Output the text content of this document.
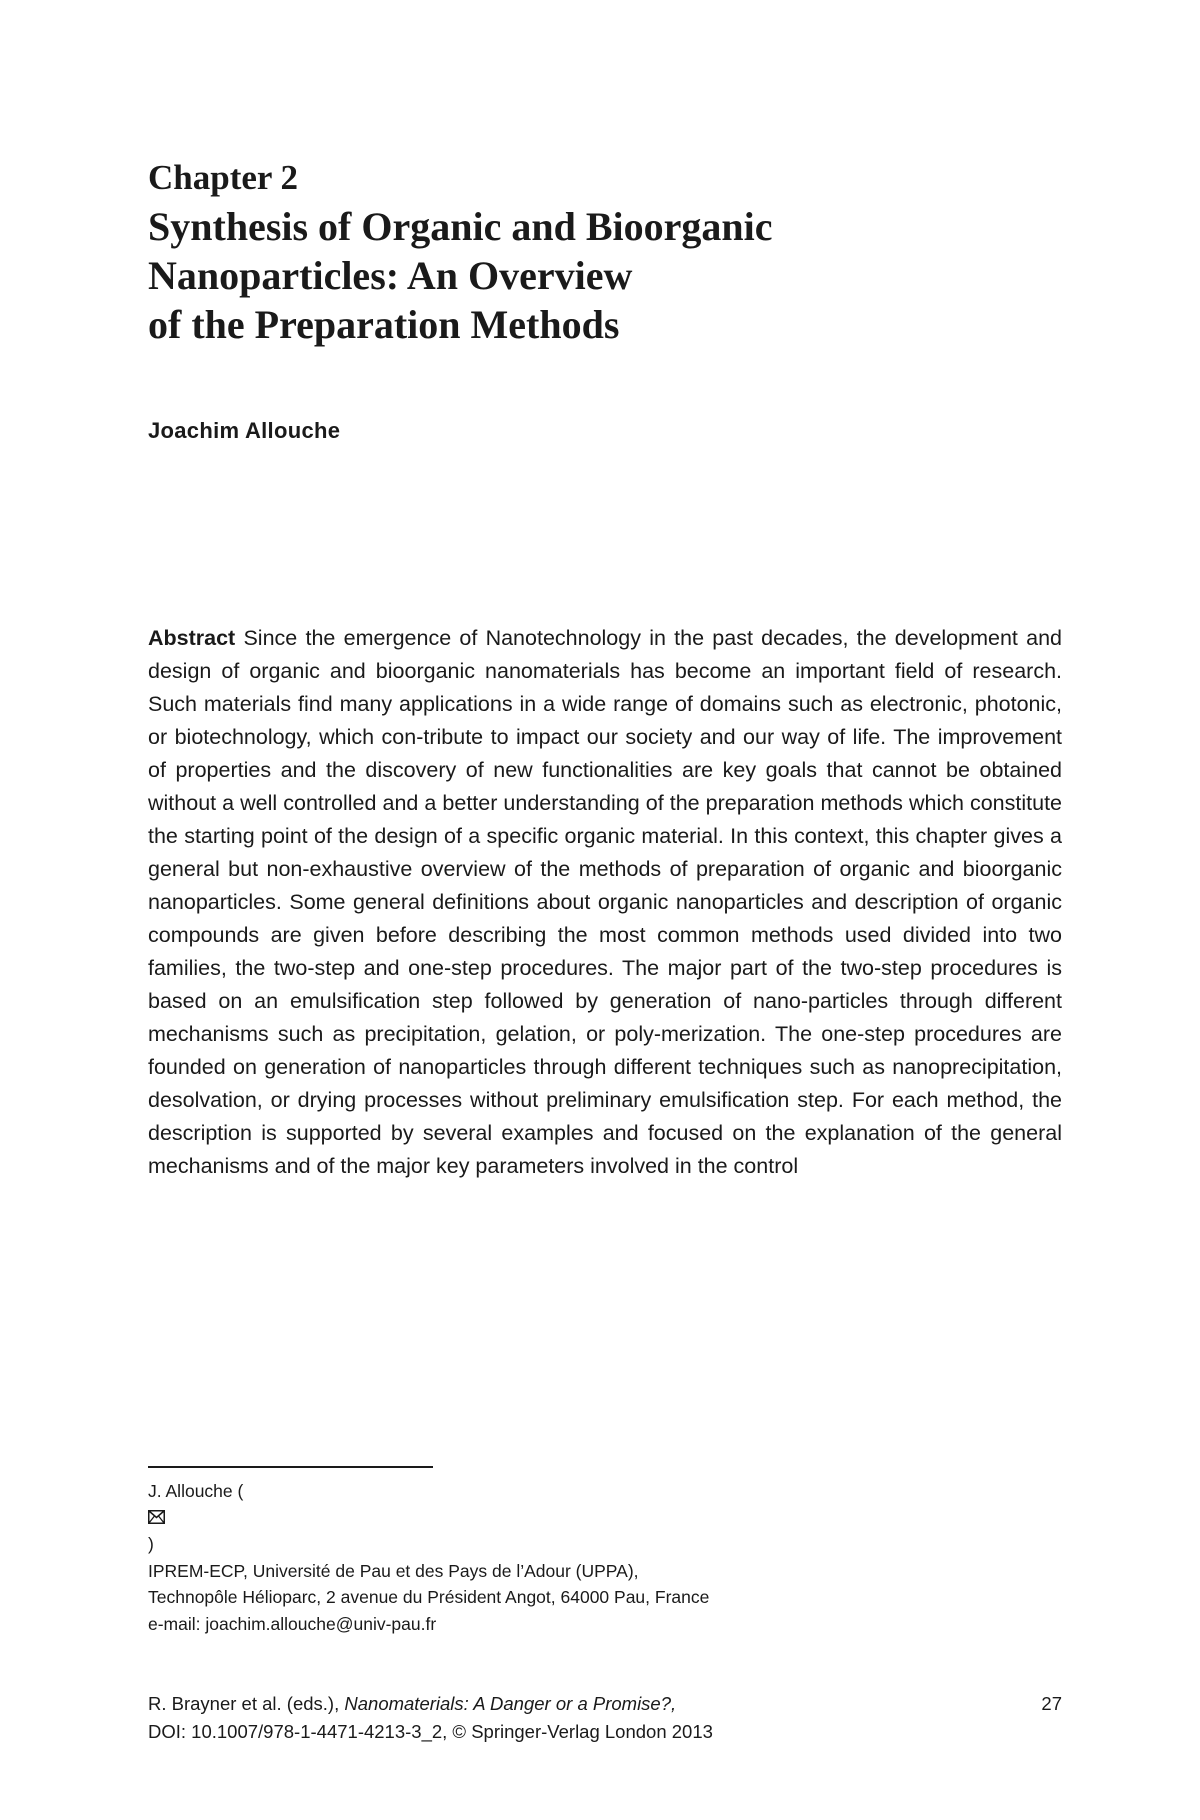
Chapter 2
Synthesis of Organic and Bioorganic
Nanoparticles: An Overview
of the Preparation Methods
Joachim Allouche

Abstract Since the emergence of Nanotechnology in the past decades, the development and design of organic and bioorganic nanomaterials has become an important field of research. Such materials find many applications in a wide range of domains such as electronic, photonic, or biotechnology, which con-tribute to impact our society and our way of life. The improvement of properties and the discovery of new functionalities are key goals that cannot be obtained without a well controlled and a better understanding of the preparation methods which constitute the starting point of the design of a specific organic material. In this context, this chapter gives a general but non-exhaustive overview of the methods of preparation of organic and bioorganic nanoparticles. Some general definitions about organic nanoparticles and description of organic compounds are given before describing the most common methods used divided into two families, the two-step and one-step procedures. The major part of the two-step procedures is based on an emulsification step followed by generation of nano-particles through different mechanisms such as precipitation, gelation, or poly-merization. The one-step procedures are founded on generation of nanoparticles through different techniques such as nanoprecipitation, desolvation, or drying processes without preliminary emulsification step. For each method, the description is supported by several examples and focused on the explanation of the general mechanisms and of the major key parameters involved in the control

J. Allouche (
)
IPREM-ECP, Université de Pau et des Pays de l’Adour (UPPA),
Technopôle Hélioparc, 2 avenue du Président Angot, 64000 Pau, France
e-mail: joachim.allouche@univ-pau.fr
R. Brayner et al. (eds.), Nanomaterials: A Danger or a Promise?,
DOI: 10.1007/978-1-4471-4213-3_2, © Springer-Verlag London 2013
27
